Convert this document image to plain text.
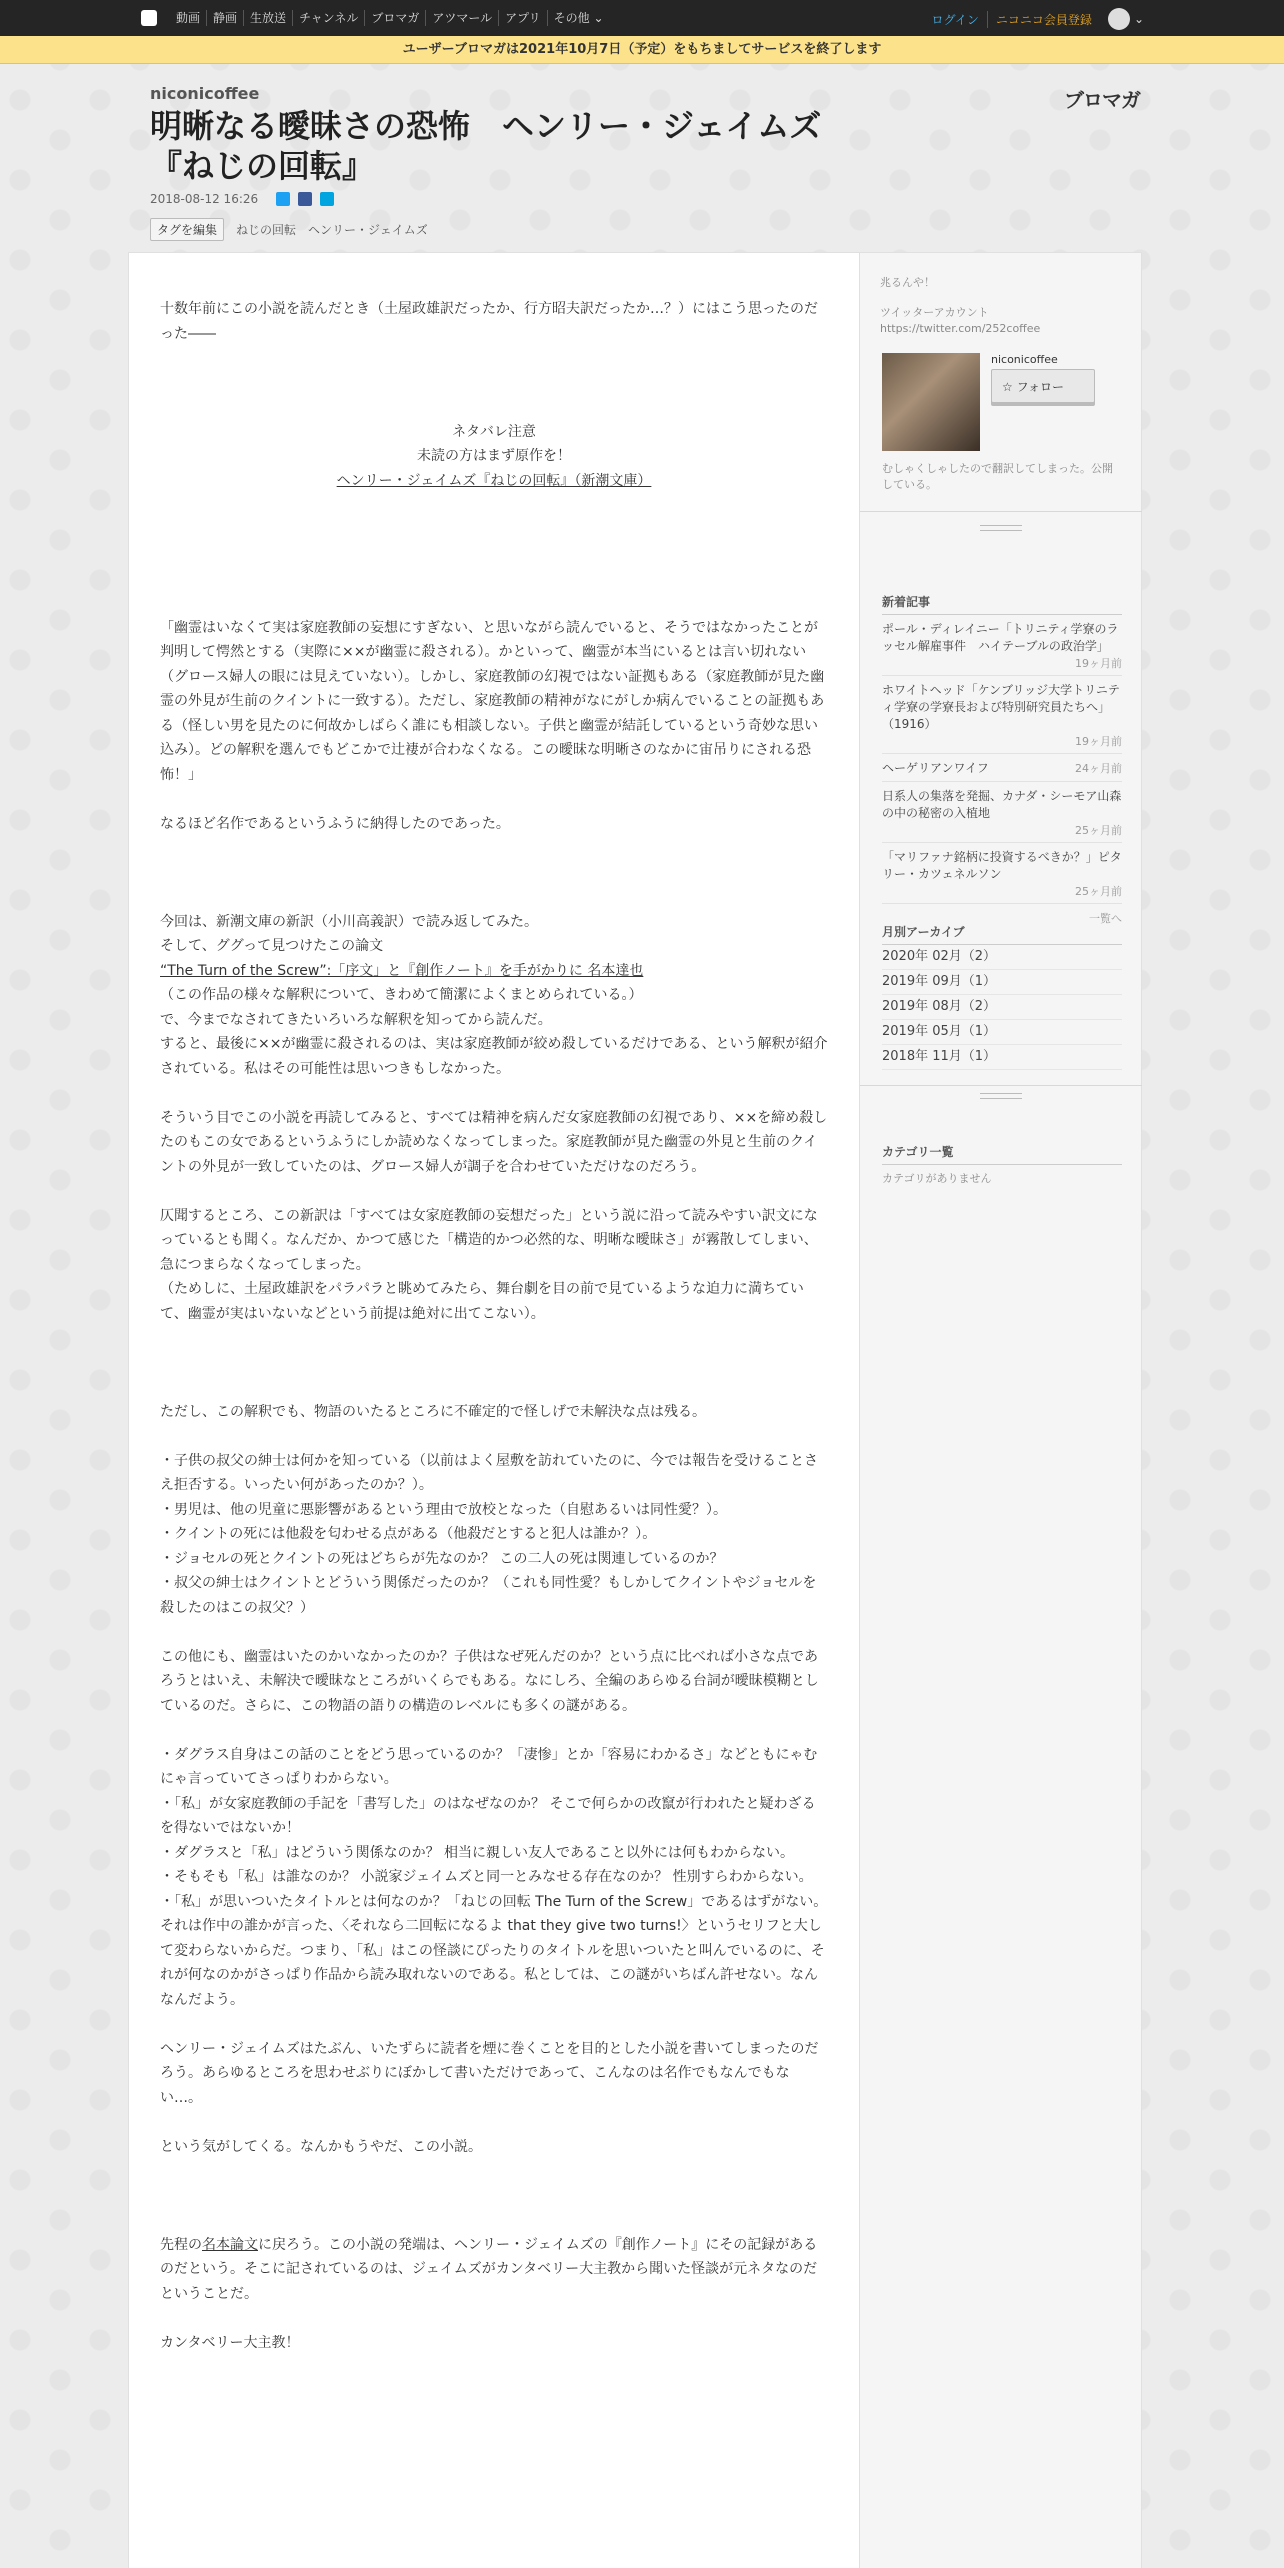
動画	静画	生放送	チャンネル	ブロマガ	アツマール	アプリ	その他 ⌄	ログイン	ニコニコ会員登録	⌄
ユーザーブロマガは2021年10月7日（予定）をもちましてサービスを終了します
niconicoffee
明晰なる曖昧さの恐怖　ヘンリー・ジェイムズ『ねじの回転』
2018-08-12 16:26
タグを編集	ねじの回転 ヘンリー・ジェイムズ
ブロマガ

十数年前にこの小説を読んだとき（土屋政雄訳だったか、行方昭夫訳だったか…？）にはこう思ったのだった――

ネタバレ注意

未読の方はまず原作を！

ヘンリー・ジェイムズ『ねじの回転』（新潮文庫）

「幽霊はいなくて実は家庭教師の妄想にすぎない、と思いながら読んでいると、そうではなかったことが判明して愕然とする（実際に××が幽霊に殺される）。かといって、幽霊が本当にいるとは言い切れない（グロース婦人の眼には見えていない）。しかし、家庭教師の幻視ではない証拠もある（家庭教師が見た幽霊の外見が生前のクイントに一致する）。ただし、家庭教師の精神がなにがしか病んでいることの証拠もある（怪しい男を見たのに何故かしばらく誰にも相談しない。子供と幽霊が結託しているという奇妙な思い込み）。どの解釈を選んでもどこかで辻褄が合わなくなる。この曖昧な明晰さのなかに宙吊りにされる恐怖！」

なるほど名作であるというふうに納得したのであった。

今回は、新潮文庫の新訳（小川高義訳）で読み返してみた。

そして、ググって見つけたこの論文

“The Turn of the Screw”:「序文」と『創作ノート』を手がかりに 名本達也

（この作品の様々な解釈について、きわめて簡潔によくまとめられている。）

で、今までなされてきたいろいろな解釈を知ってから読んだ。

すると、最後に××が幽霊に殺されるのは、実は家庭教師が絞め殺しているだけである、という解釈が紹介されている。私はその可能性は思いつきもしなかった。

そういう目でこの小説を再読してみると、すべては精神を病んだ女家庭教師の幻視であり、××を締め殺したのもこの女であるというふうにしか読めなくなってしまった。家庭教師が見た幽霊の外見と生前のクイントの外見が一致していたのは、グロース婦人が調子を合わせていただけなのだろう。

仄聞するところ、この新訳は「すべては女家庭教師の妄想だった」という説に沿って読みやすい訳文になっているとも聞く。なんだか、かつて感じた「構造的かつ必然的な、明晰な曖昧さ」が霧散してしまい、急につまらなくなってしまった。

（ためしに、土屋政雄訳をパラパラと眺めてみたら、舞台劇を目の前で見ているような迫力に満ちていて、幽霊が実はいないなどという前提は絶対に出てこない）。

ただし、この解釈でも、物語のいたるところに不確定的で怪しげで未解決な点は残る。

・子供の叔父の紳士は何かを知っている（以前はよく屋敷を訪れていたのに、今では報告を受けることさえ拒否する。いったい何があったのか？）。

・男児は、他の児童に悪影響があるという理由で放校となった（自慰あるいは同性愛？）。

・クイントの死には他殺を匂わせる点がある（他殺だとすると犯人は誰か？）。

・ジョセルの死とクイントの死はどちらが先なのか？ この二人の死は関連しているのか？

・叔父の紳士はクイントとどういう関係だったのか？（これも同性愛？もしかしてクイントやジョセルを殺したのはこの叔父？）

この他にも、幽霊はいたのかいなかったのか？子供はなぜ死んだのか？という点に比べれば小さな点であろうとはいえ、未解決で曖昧なところがいくらでもある。なにしろ、全編のあらゆる台詞が曖昧模糊としているのだ。さらに、この物語の語りの構造のレベルにも多くの謎がある。

・ダグラス自身はこの話のことをどう思っているのか？「凄惨」とか「容易にわかるさ」などともにゃむにゃ言っていてさっぱりわからない。

・「私」が女家庭教師の手記を「書写した」のはなぜなのか？ そこで何らかの改竄が行われたと疑わざるを得ないではないか！

・ダグラスと「私」はどういう関係なのか？ 相当に親しい友人であること以外には何もわからない。

・そもそも「私」は誰なのか？ 小説家ジェイムズと同一とみなせる存在なのか？ 性別すらわからない。

・「私」が思いついたタイトルとは何なのか？「ねじの回転 The Turn of the Screw」であるはずがない。それは作中の誰かが言った、〈それなら二回転になるよ that they give two turns!〉というセリフと大して変わらないからだ。つまり、「私」はこの怪談にぴったりのタイトルを思いついたと叫んでいるのに、それが何なのかがさっぱり作品から読み取れないのである。私としては、この謎がいちばん許せない。なんなんだよう。

ヘンリー・ジェイムズはたぶん、いたずらに読者を煙に巻くことを目的とした小説を書いてしまったのだろう。あらゆるところを思わせぶりにぼかして書いただけであって、こんなのは名作でもなんでもない…。

という気がしてくる。なんかもうやだ、この小説。

先程の名本論文に戻ろう。この小説の発端は、ヘンリー・ジェイムズの『創作ノート』にその記録があるのだという。そこに記されているのは、ジェイムズがカンタベリー大主教から聞いた怪談が元ネタなのだということだ。

カンタベリー大主教！

兆るんや！
ツイッターアカウント https://twitter.com/252coffee
niconicoffee
☆ フォロー
むしゃくしゃしたので翻訳してしまった。公開している。
新着記事
ポール・ディレイニー「トリニティ学寮のラッセル解雇事件　ハイテーブルの政治学」
19ヶ月前
ホワイトヘッド「ケンブリッジ大学トリニティ学寮の学寮長および特別研究員たちへ」（1916）
19ヶ月前
ヘーゲリアンワイフ	24ヶ月前
日系人の集落を発掘、カナダ・シーモア山森の中の秘密の入植地
25ヶ月前
「マリファナ銘柄に投資するべきか？」ピタリー・カツェネルソン
25ヶ月前
一覧へ
月別アーカイブ
2020年 02月（2）
2019年 09月（1）
2019年 08月（2）
2019年 05月（1）
2018年 11月（1）
カテゴリ一覧
カテゴリがありません
